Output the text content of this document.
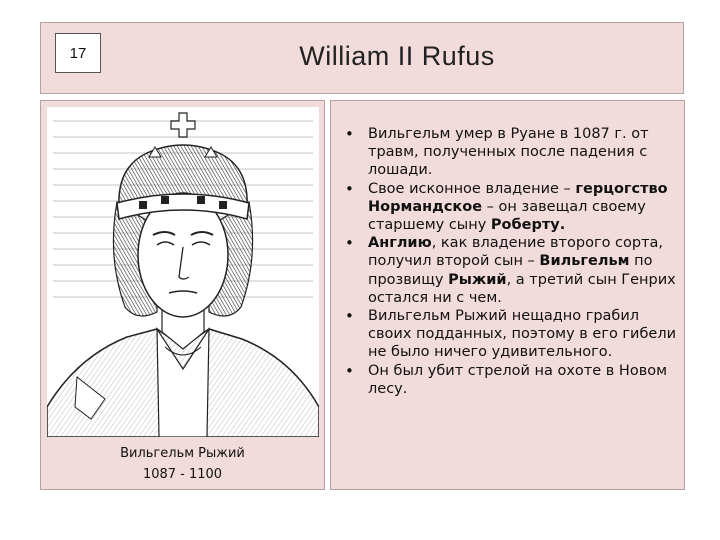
17	William II Rufus
Вильгельм Рыжий
1087 - 1100
• Вильгельм умер в Руане в 1087 г. от травм, полученных после падения с лошади.
• Свое исконное владение – герцогство Нормандское – он завещал своему старшему сыну Роберту.
• Англию, как владение второго сорта, получил второй сын – Вильгельм по прозвищу Рыжий, а третий сын Генрих остался ни с чем.
• Вильгельм Рыжий нещадно грабил своих подданных, поэтому в его гибели не было ничего удивительного.
• Он был убит стрелой на охоте в Новом лесу.
